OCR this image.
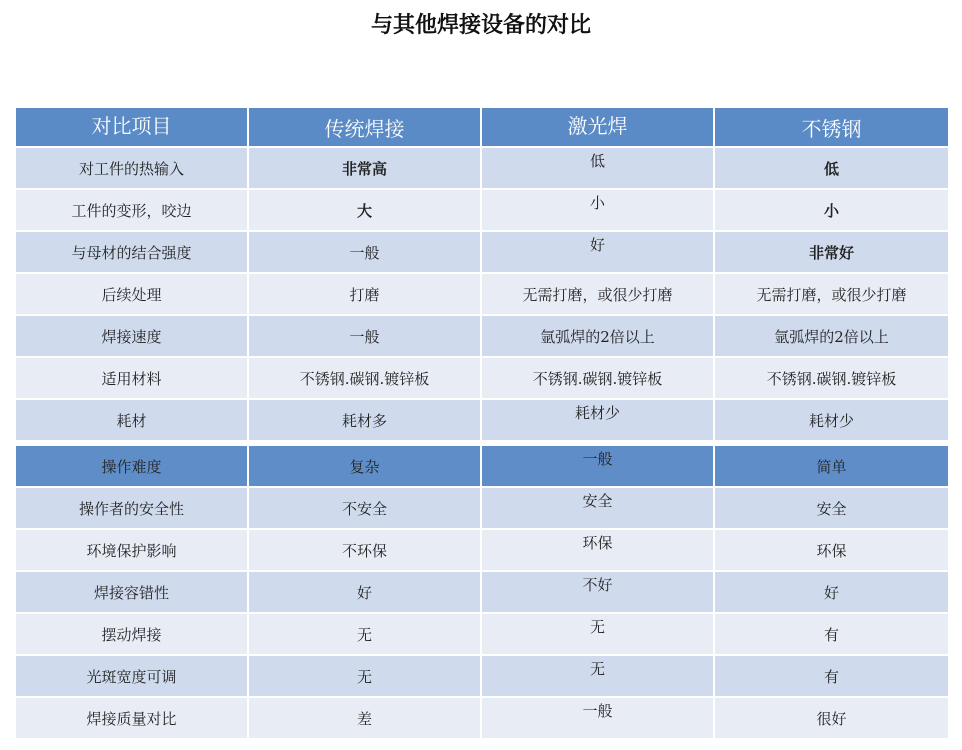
与其他焊接设备的对比
对比项目	传统焊接	激光焊	不锈钢
对工件的热输入	非常高	低	低
工件的变形，咬边	大	小	小
与母材的结合强度	一般	好	非常好
后续处理	打磨	无需打磨，或很少打磨	无需打磨，或很少打磨
焊接速度	一般	氩弧焊的2倍以上	氩弧焊的2倍以上
适用材料	不锈钢.碳钢.镀锌板	不锈钢.碳钢.镀锌板	不锈钢.碳钢.镀锌板
耗材	耗材多	耗材少	耗材少
操作难度	复杂	一般	简单
操作者的安全性	不安全	安全	安全
环境保护影响	不环保	环保	环保
焊接容错性	好	不好	好
摆动焊接	无	无	有
光斑宽度可调	无	无	有
焊接质量对比	差	一般	很好
